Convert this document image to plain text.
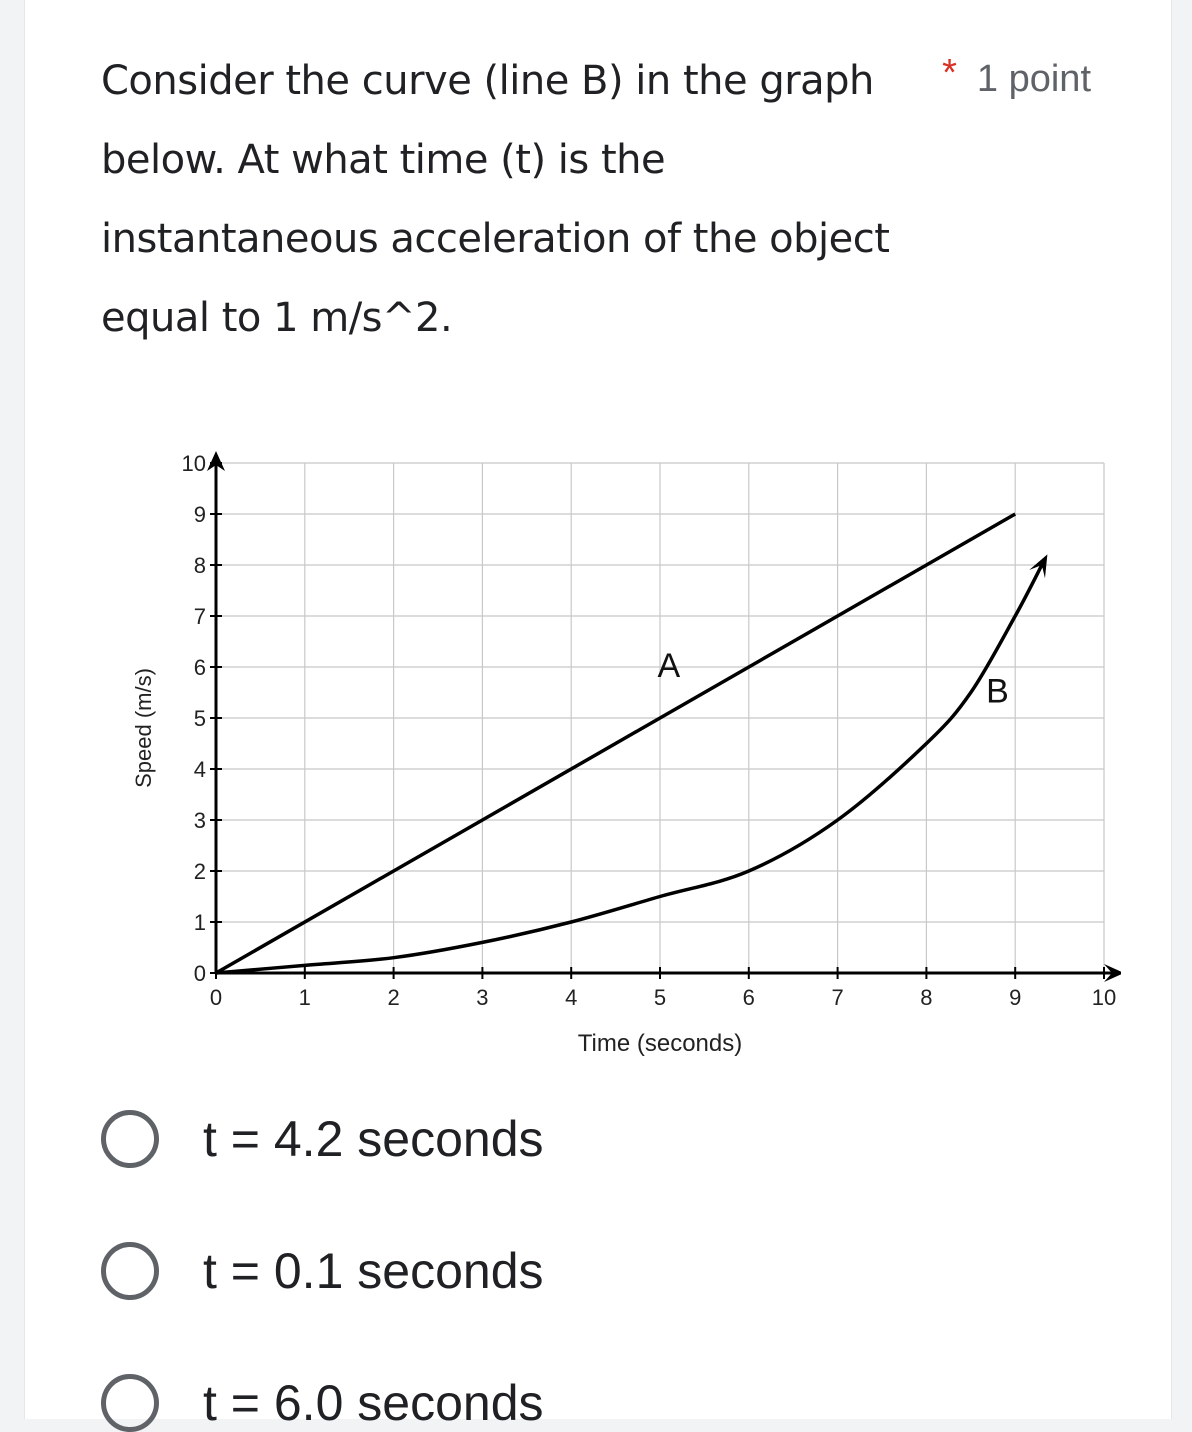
Consider the curve (line B) in the graph below. At what time (t) is the instantaneous acceleration of the object equal to 1 m/s^2.

* 1 point
0	1	2	3	4	5	6	7	8	9	10
0
1
2
3
4
5
6
7
8
9
10
Time (seconds)
Speed (m/s)
A
B
t = 4.2 seconds
t = 0.1 seconds
t = 6.0 seconds
